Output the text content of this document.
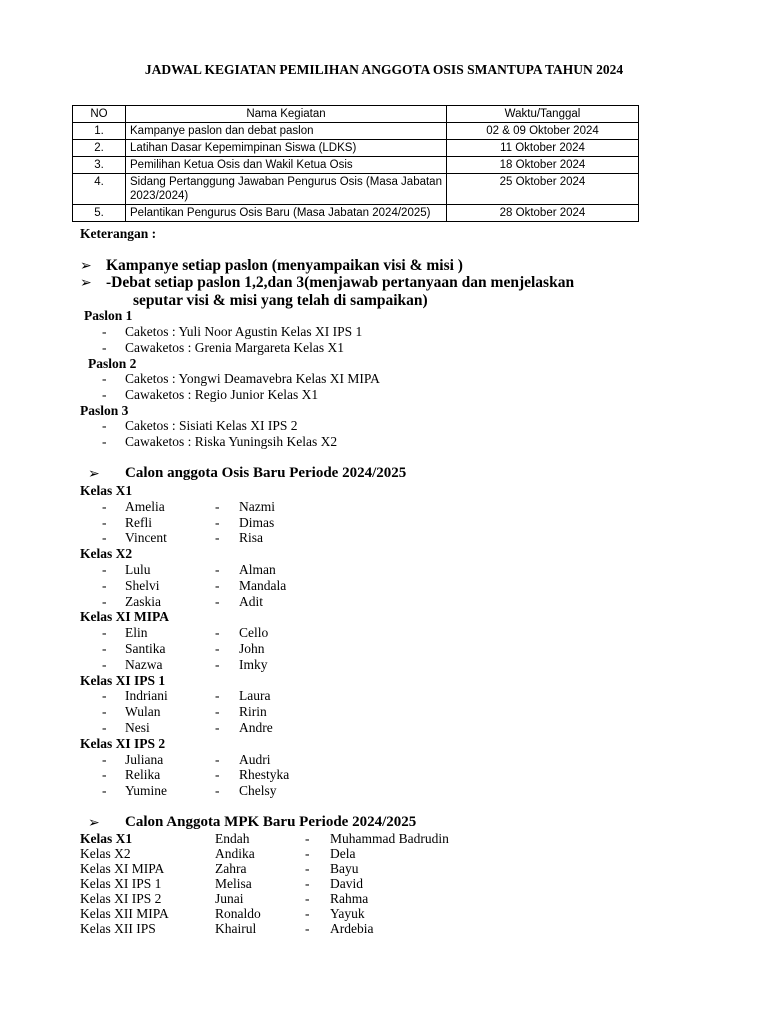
JADWAL KEGIATAN PEMILIHAN ANGGOTA OSIS SMANTUPA TAHUN 2024
NO	Nama Kegiatan	Waktu/Tanggal
1.	Kampanye paslon dan debat paslon	02 & 09 Oktober 2024
2.	Latihan Dasar Kepemimpinan Siswa (LDKS)	11 Oktober 2024
3.	Pemilihan Ketua Osis dan Wakil Ketua Osis	18 Oktober 2024
4.	Sidang Pertanggung Jawaban Pengurus Osis (Masa Jabatan 2023/2024)	25 Oktober 2024
5.	Pelantikan Pengurus Osis Baru (Masa Jabatan 2024/2025)	28 Oktober 2024
Keterangan :
➢ Kampanye setiap paslon (menyampaikan visi & misi )
➢ -Debat setiap paslon 1,2,dan 3(menjawab pertanyaan dan menjelaskan
seputar visi & misi yang telah di sampaikan)
Paslon 1
- Caketos : Yuli Noor Agustin Kelas XI IPS 1
- Cawaketos : Grenia Margareta Kelas X1
Paslon 2
- Caketos : Yongwi Deamavebra Kelas XI MIPA
- Cawaketos : Regio Junior Kelas X1
Paslon 3
- Caketos : Sisiati Kelas XI IPS 2
- Cawaketos : Riska Yuningsih Kelas X2
➢ Calon anggota Osis Baru Periode 2024/2025
Kelas X1
- Amelia	- Nazmi
- Refli	- Dimas
- Vincent	- Risa
Kelas X2
- Lulu	- Alman
- Shelvi	- Mandala
- Zaskia	- Adit
Kelas XI MIPA
- Elin	- Cello
- Santika	- John
- Nazwa	- Imky
Kelas XI IPS 1
- Indriani	- Laura
- Wulan	- Ririn
- Nesi	- Andre
Kelas XI IPS 2
- Juliana	- Audri
- Relika	- Rhestyka
- Yumine	- Chelsy
➢ Calon Anggota MPK Baru Periode 2024/2025
Kelas X1	Endah	- Muhammad Badrudin
Kelas X2	Andika	- Dela
Kelas XI MIPA	Zahra	- Bayu
Kelas XI IPS 1	Melisa	- David
Kelas XI IPS 2	Junai	- Rahma
Kelas XII MIPA	Ronaldo	- Yayuk
Kelas XII IPS	Khairul	- Ardebia
